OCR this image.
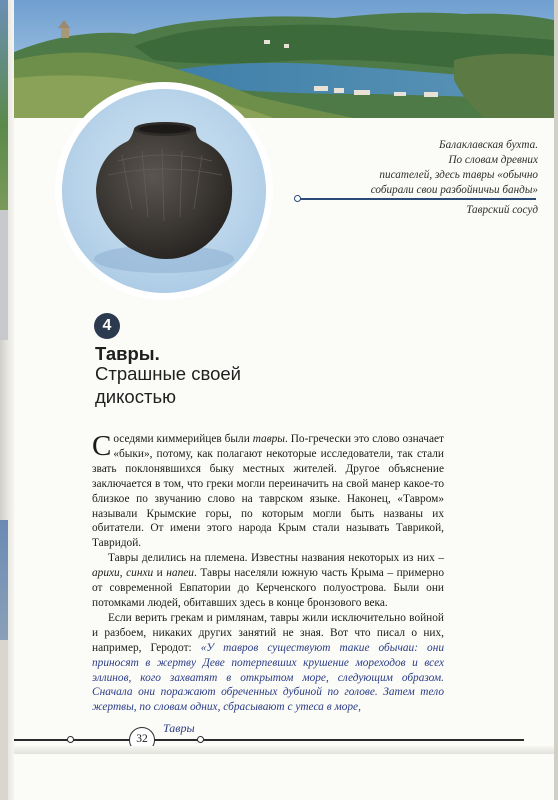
Балаклавская бухта.
По словам древних
писателей, здесь тавры «обычно
собирали свои разбойничьи банды»
Таврский сосуд
4
Тавры.
Страшные своей
дикостью

Соседями киммерийцев были тавры. По-гречески это слово означает «быки», потому, как полагают некоторые исследователи, так стали звать поклонявшихся быку местных жителей. Другое объяснение заключается в том, что греки могли переиначить на свой манер какое-то близкое по звучанию слово на таврском языке. Наконец, «Тавром» называли Крымские горы, по которым могли быть названы их обитатели. От имени этого народа Крым стали называть Таврикой, Тавридой.

Тавры делились на племена. Известны названия некоторых из них – арихи, синхи и напеи. Тавры населяли южную часть Крыма – примерно от современной Евпатории до Керченского полуострова. Были они потомками людей, обитавших здесь в конце бронзового века.

Если верить грекам и римлянам, тавры жили исключительно войной и разбоем, никаких других занятий не зная. Вот что писал о них, например, Геродот: «У тавров существуют такие обычаи: они приносят в жертву Деве потерпевших крушение мореходов и всех эллинов, кого захватят в открытом море, следующим образом. Сначала они поражают обреченных дубиной по голове. Затем тело жертвы, по словам одних, сбрасывают с утеса в море,

32
Тавры
